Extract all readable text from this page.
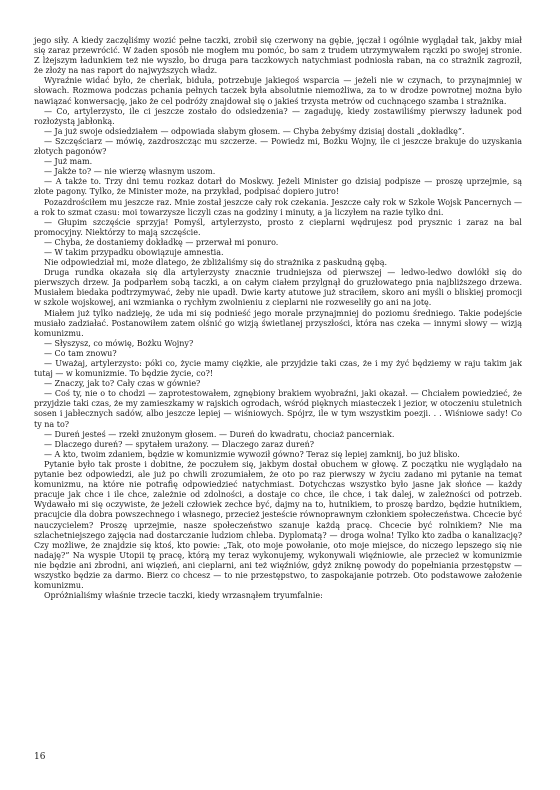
jego siły. A kiedy zaczęliśmy wozić pełne taczki, zrobił się czerwony na gębie, jęczał i ogólnie wyglądał tak, jakby miał się zaraz przewrócić. W żaden sposób nie mogłem mu pomóc, bo sam z trudem utrzymywałem rączki po swojej stronie. Z lżejszym ładunkiem też nie wyszło, bo druga para taczkowych natychmiast podniosła raban, na co strażnik zagroził, że złoży na nas raport do najwyższych władz.

Wyraźnie widać było, że cherlak, biduła, potrzebuje jakiegoś wsparcia — jeżeli nie w czynach, to przynajmniej w słowach. Rozmowa podczas pchania pełnych taczek była absolutnie niemożliwa, za to w drodze powrotnej można było nawiązać konwersację, jako że cel podróży znajdował się o jakieś trzysta metrów od cuchnącego szamba i strażnika.

— Co, artylerzysto, ile ci jeszcze zostało do odsiedzenia? — zagaduję, kiedy zostawiliśmy pierwszy ładunek pod rozłożystą jabłonką.

— Ja już swoje odsiedziałem — odpowiada słabym głosem. — Chyba żebyśmy dzisiaj dostali „dokładkę”.

— Szczęściarz — mówię, zazdroszcząc mu szczerze. — Powiedz mi, Bożku Wojny, ile ci jeszcze brakuje do uzyskania złotych pagonów?

— Już mam.

— Jakże to? — nie wierzę własnym uszom.

— A także to. Trzy dni temu rozkaz dotarł do Moskwy. Jeżeli Minister go dzisiaj podpisze — proszę uprzejmie, są złote pagony. Tylko, że Minister może, na przykład, podpisać dopiero jutro!

Pozazdrościłem mu jeszcze raz. Mnie został jeszcze cały rok czekania. Jeszcze cały rok w Szkole Wojsk Pancernych — a rok to szmat czasu: moi towarzysze liczyli czas na godziny i minuty, a ja liczyłem na razie tylko dni.

— Głupim szczęście sprzyja! Pomyśl, artylerzysto, prosto z cieplarni wędrujesz pod prysznic i zaraz na bal promocyjny. Niektórzy to mają szczęście.

— Chyba, że dostaniemy dokładkę — przerwał mi ponuro.

— W takim przypadku obowiązuje amnestia.

Nie odpowiedział mi, może dlatego, że zbliżaliśmy się do strażnika z paskudną gębą.

Druga rundka okazała się dla artylerzysty znacznie trudniejsza od pierwszej — ledwo-ledwo dowlókł się do pierwszych drzew. Ja podparłem sobą taczki, a on całym ciałem przylgnął do gruzłowatego pnia najbliższego drzewa. Musiałem biedaka podtrzymywać, żeby nie upadł. Dwie karty atutowe już straciłem, skoro ani myśli o bliskiej promocji w szkole wojskowej, ani wzmianka o rychłym zwolnieniu z cieplarni nie rozweseliły go ani na jotę.

Miałem już tylko nadzieję, że uda mi się podnieść jego morale przynajmniej do poziomu średniego. Takie podejście musiało zadziałać. Postanowiłem zatem olśnić go wizją świetlanej przyszłości, która nas czeka — innymi słowy — wizją komunizmu.

— Słyszysz, co mówię, Bożku Wojny?

— Co tam znowu?

— Uważaj, artylerzysto: póki co, życie mamy ciężkie, ale przyjdzie taki czas, że i my żyć będziemy w raju takim jak tutaj — w komunizmie. To będzie życie, co?!

— Znaczy, jak to? Cały czas w gównie?

— Coś ty, nie o to chodzi — zaprotestowałem, zgnębiony brakiem wyobraźni, jaki okazał. — Chciałem powiedzieć, że przyjdzie taki czas, że my zamieszkamy w rajskich ogrodach, wśród pięknych miasteczek i jezior, w otoczeniu stuletnich sosen i jabłecznych sadów, albo jeszcze lepiej — wiśniowych. Spójrz, ile w tym wszystkim poezji. . . Wiśniowe sady! Co ty na to?

— Dureń jesteś — rzekł znużonym głosem. — Dureń do kwadratu, chociaż pancerniak.

— Dlaczego dureń? — spytałem urażony. — Dlaczego zaraz dureń?

— A kto, twoim zdaniem, będzie w komunizmie wywoził gówno? Teraz się lepiej zamknij, bo już blisko.

Pytanie było tak proste i dobitne, że poczułem się, jakbym dostał obuchem w głowę. Z początku nie wyglądało na pytanie bez odpowiedzi, ale już po chwili zrozumiałem, że oto po raz pierwszy w życiu zadano mi pytanie na temat komunizmu, na które nie potrafię odpowiedzieć natychmiast. Dotychczas wszystko było jasne jak słońce — każdy pracuje jak chce i ile chce, zależnie od zdolności, a dostaje co chce, ile chce, i tak dalej, w zależności od potrzeb. Wydawało mi się oczywiste, że jeżeli człowiek zechce być, dajmy na to, hutnikiem, to proszę bardzo, będzie hutnikiem, pracujcie dla dobra powszechnego i własnego, przecież jesteście równoprawnym członkiem społeczeństwa. Chcecie być nauczycielem? Proszę uprzejmie, nasze społeczeństwo szanuje każdą pracę. Chcecie być rolnikiem? Nie ma szlachetniejszego zajęcia nad dostarczanie ludziom chleba. Dyplomatą? — droga wolna! Tylko kto zadba o kanalizację? Czy możliwe, że znajdzie się ktoś, kto powie: „Tak, oto moje powołanie, oto moje miejsce, do niczego lepszego się nie nadaję?” Na wyspie Utopii tę pracę, którą my teraz wykonujemy, wykonywali więźniowie, ale przecież w komunizmie nie będzie ani zbrodni, ani więzień, ani cieplarni, ani też więźniów, gdyż zniknę powody do popełniania przestępstw — wszystko będzie za darmo. Bierz co chcesz — to nie przestępstwo, to zaspokajanie potrzeb. Oto podstawowe założenie komunizmu.

Opróżnialiśmy właśnie trzecie taczki, kiedy wrzasnąłem tryumfalnie:

16
